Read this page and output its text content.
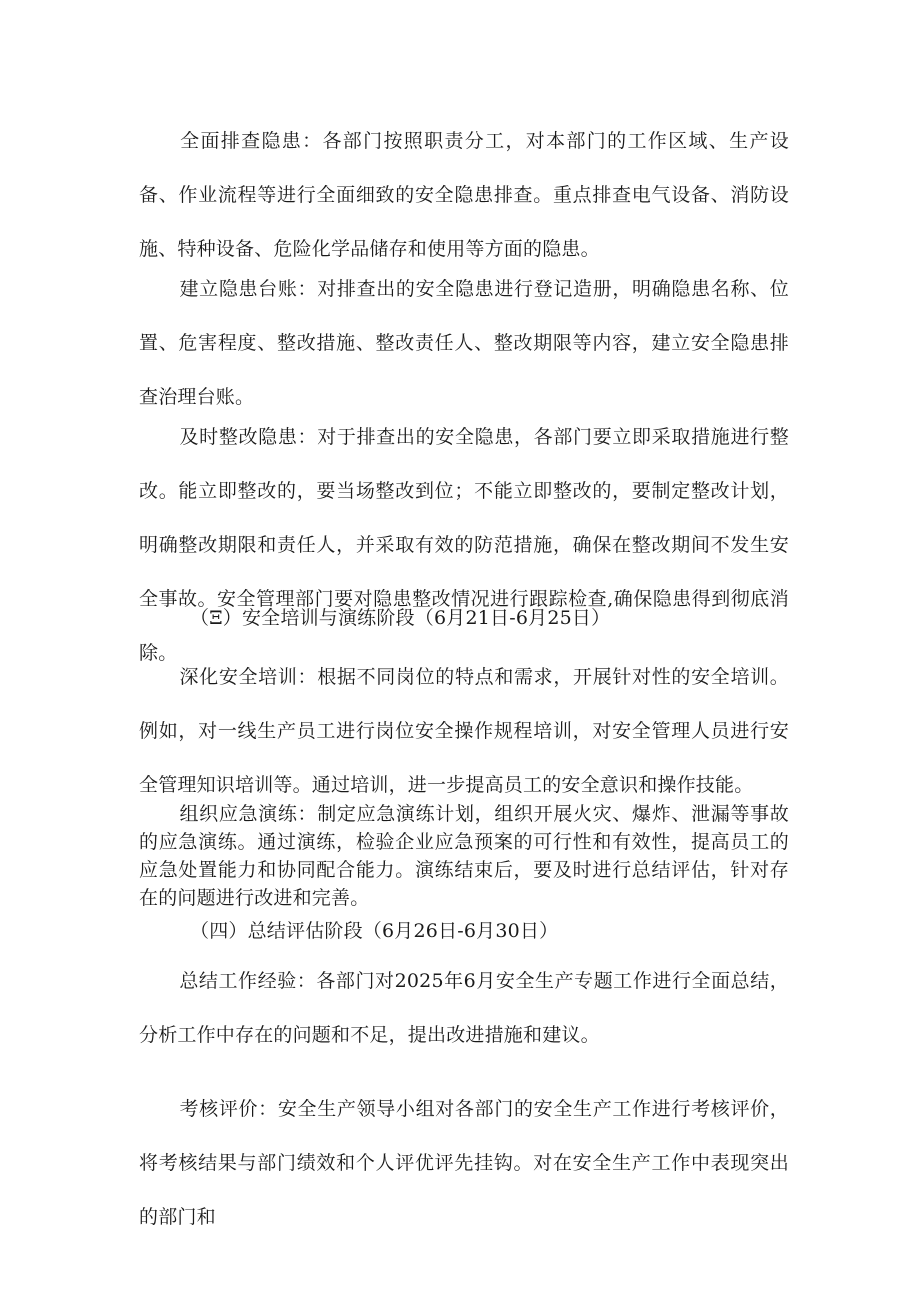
全面排查隐患：各部门按照职责分工，对本部门的工作区域、生产设备、作业流程等进行全面细致的安全隐患排查。重点排查电气设备、消防设施、特种设备、危险化学品储存和使用等方面的隐患。

建立隐患台账：对排查出的安全隐患进行登记造册，明确隐患名称、位置、危害程度、整改措施、整改责任人、整改期限等内容，建立安全隐患排查治理台账。

及时整改隐患：对于排查出的安全隐患，各部门要立即采取措施进行整改。能立即整改的，要当场整改到位；不能立即整改的，要制定整改计划，明确整改期限和责任人，并采取有效的防范措施，确保在整改期间不发生安全事故。安全管理部门要对隐患整改情况进行跟踪检查,确保隐患得到彻底消除。

（Ξ）安全培训与演练阶段（6月21日-6月25日）

深化安全培训：根据不同岗位的特点和需求，开展针对性的安全培训。例如，对一线生产员工进行岗位安全操作规程培训，对安全管理人员进行安全管理知识培训等。通过培训，进一步提高员工的安全意识和操作技能。

组织应急演练：制定应急演练计划，组织开展火灾、爆炸、泄漏等事故的应急演练。通过演练，检验企业应急预案的可行性和有效性，提高员工的应急处置能力和协同配合能力。演练结束后，要及时进行总结评估，针对存在的问题进行改进和完善。

（四）总结评估阶段（6月26日-6月30日）

总结工作经验：各部门对2025年6月安全生产专题工作进行全面总结，分析工作中存在的问题和不足，提出改进措施和建议。

考核评价：安全生产领导小组对各部门的安全生产工作进行考核评价，将考核结果与部门绩效和个人评优评先挂钩。对在安全生产工作中表现突出的部门和
